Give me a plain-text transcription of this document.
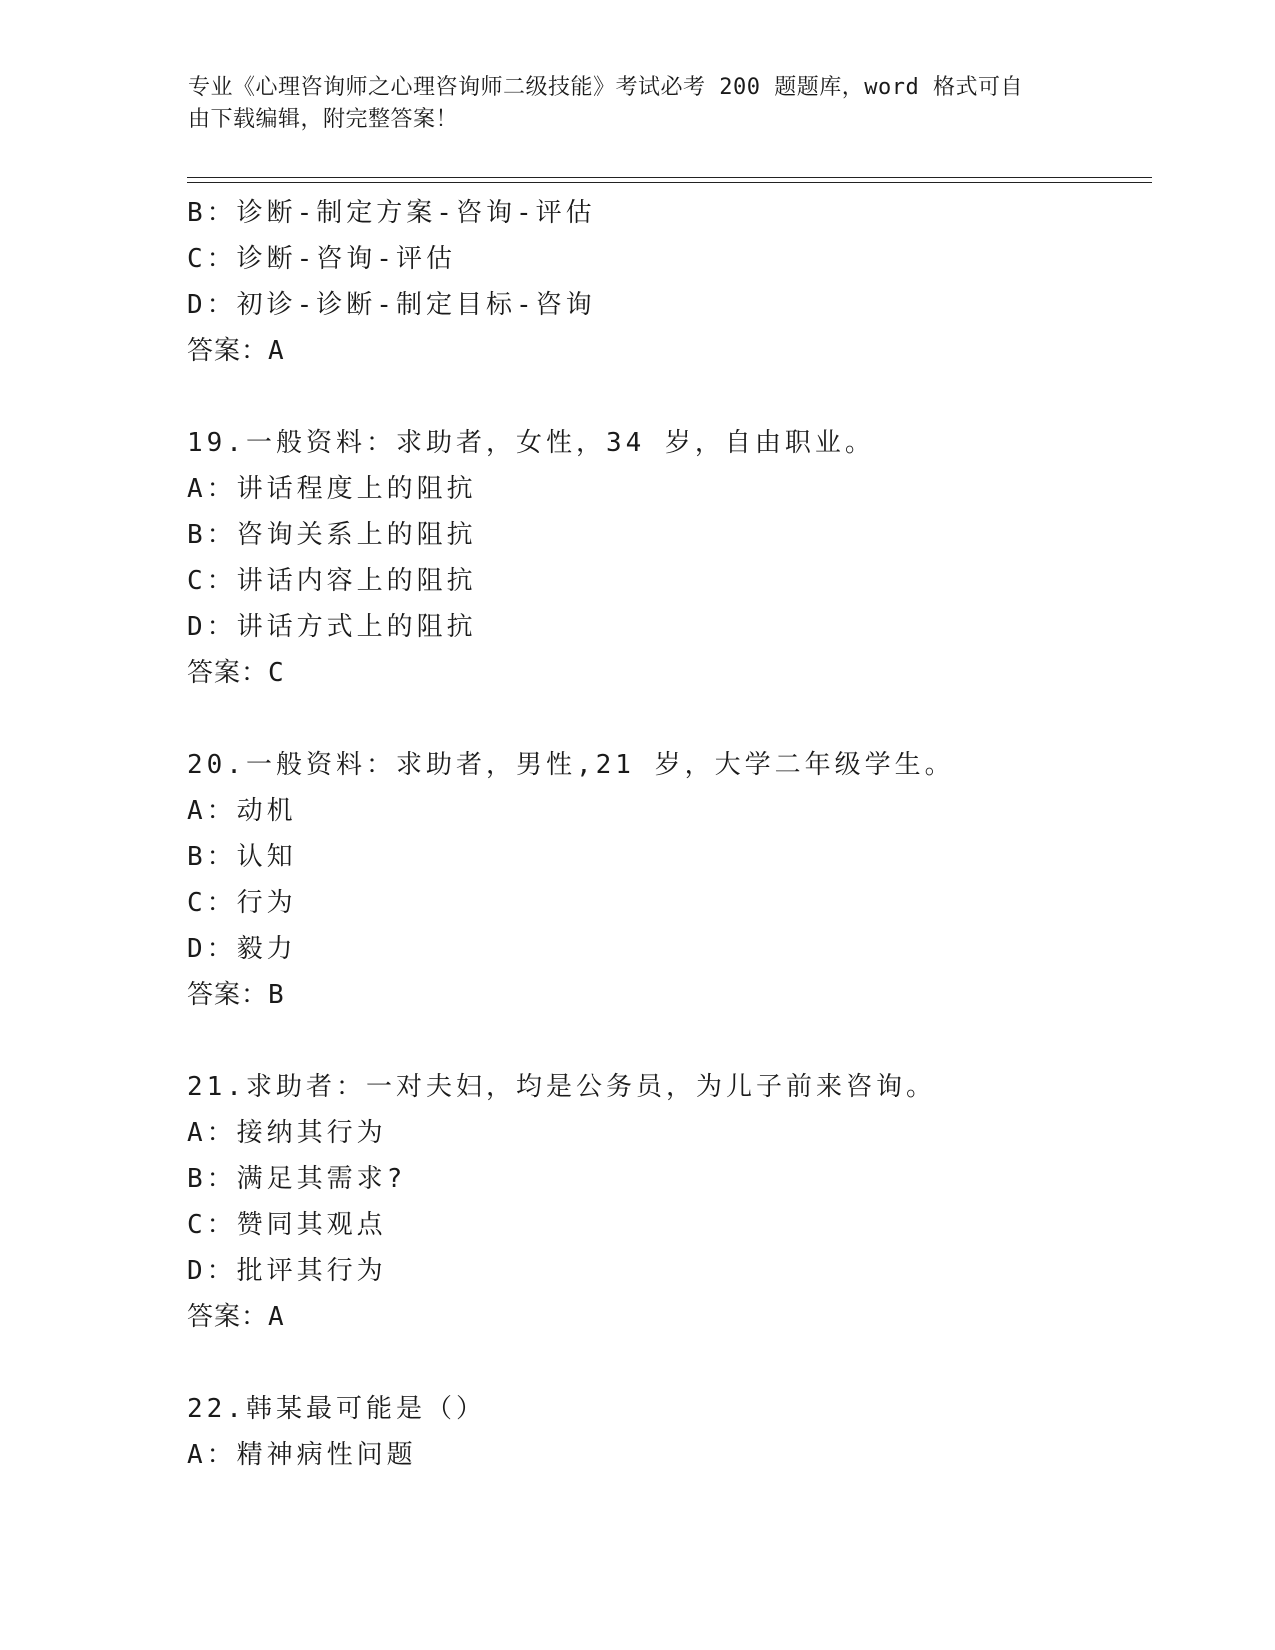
专业《心理咨询师之心理咨询师二级技能》考试必考 200 题题库，word 格式可自
由下载编辑，附完整答案！
B：诊断-制定方案-咨询-评估
C：诊断-咨询-评估
D：初诊-诊断-制定目标-咨询
答案：A
19.一般资料：求助者，女性，34 岁，自由职业。
A：讲话程度上的阻抗
B：咨询关系上的阻抗
C：讲话内容上的阻抗
D：讲话方式上的阻抗
答案：C
20.一般资料：求助者，男性,21 岁，大学二年级学生。
A：动机
B：认知
C：行为
D：毅力
答案：B
21.求助者：一对夫妇，均是公务员，为儿子前来咨询。
A：接纳其行为
B：满足其需求?
C：赞同其观点
D：批评其行为
答案：A
22.韩某最可能是（）
A：精神病性问题
